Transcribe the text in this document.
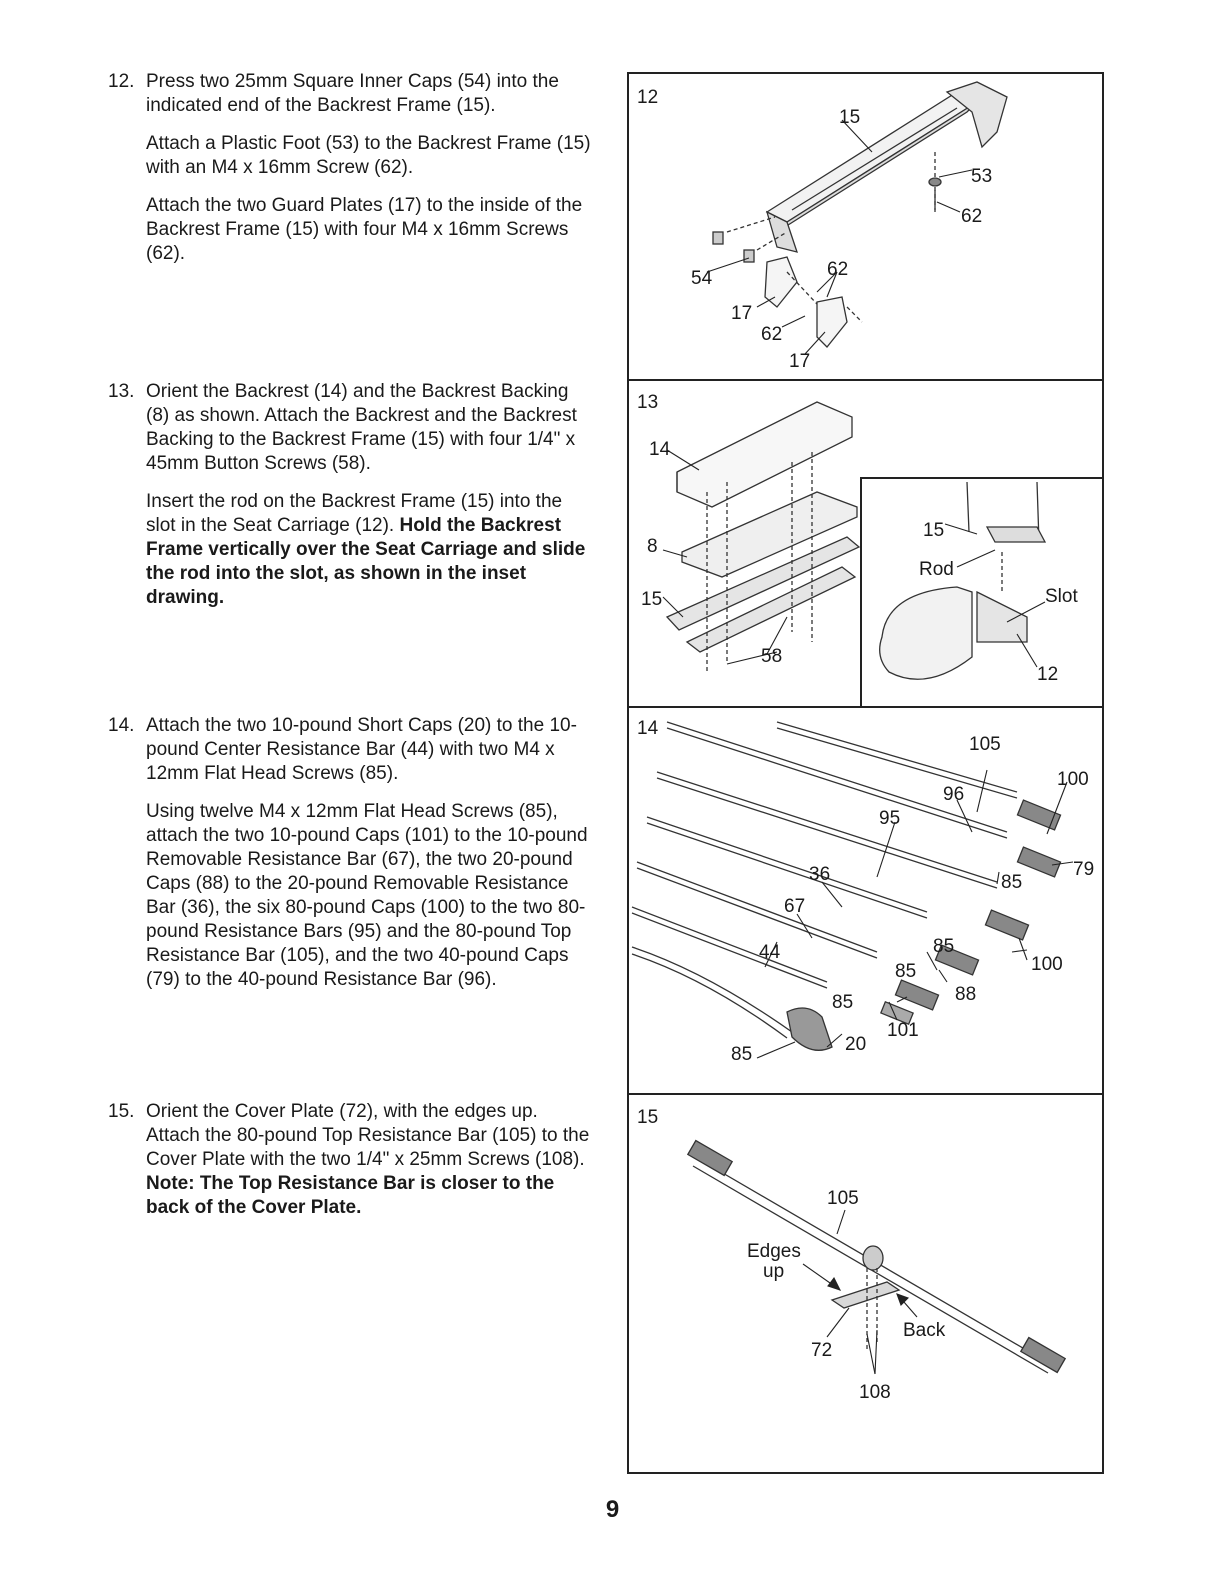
12. Press two 25mm Square Inner Caps (54) into the indicated end of the Backrest Frame (15).

Attach a Plastic Foot (53) to the Backrest Frame (15) with an M4 x 16mm Screw (62).

Attach the two Guard Plates (17) to the inside of the Backrest Frame (15) with four M4 x 16mm Screws (62).

13. Orient the Backrest (14) and the Backrest Backing (8) as shown. Attach the Backrest and the Backrest Backing to the Backrest Frame (15) with four 1/4" x 45mm Button Screws (58).

Insert the rod on the Backrest Frame (15) into the slot in the Seat Carriage (12). Hold the Backrest Frame vertically over the Seat Carriage and slide the rod into the slot, as shown in the inset drawing.

14. Attach the two 10-pound Short Caps (20) to the 10-pound Center Resistance Bar (44) with two M4 x 12mm Flat Head Screws (85).

Using twelve M4 x 12mm Flat Head Screws (85), attach the two 10-pound Caps (101) to the 10-pound Removable Resistance Bar (67), the two 20-pound Caps (88) to the 20-pound Removable Resistance Bar (36), the six 80-pound Caps (100) to the two 80-pound Resistance Bars (95) and the 80-pound Top Resistance Bar (105), and the two 40-pound Caps (79) to the 40-pound Resistance Bar (96).

15. Orient the Cover Plate (72), with the edges up. Attach the 80-pound Top Resistance Bar (105) to the Cover Plate with the two 1/4" x 25mm Screws (108). Note: The Top Resistance Bar is closer to the back of the Cover Plate.

12
15
53
62
54	62
17
62
17
13
14
8
15
58
15
Rod
Slot
12
14
105
100
96
95
79
36	85
67
85
100
44
85
88
85
101
20
85
15
105
Edges
up
Back
72
108
9
